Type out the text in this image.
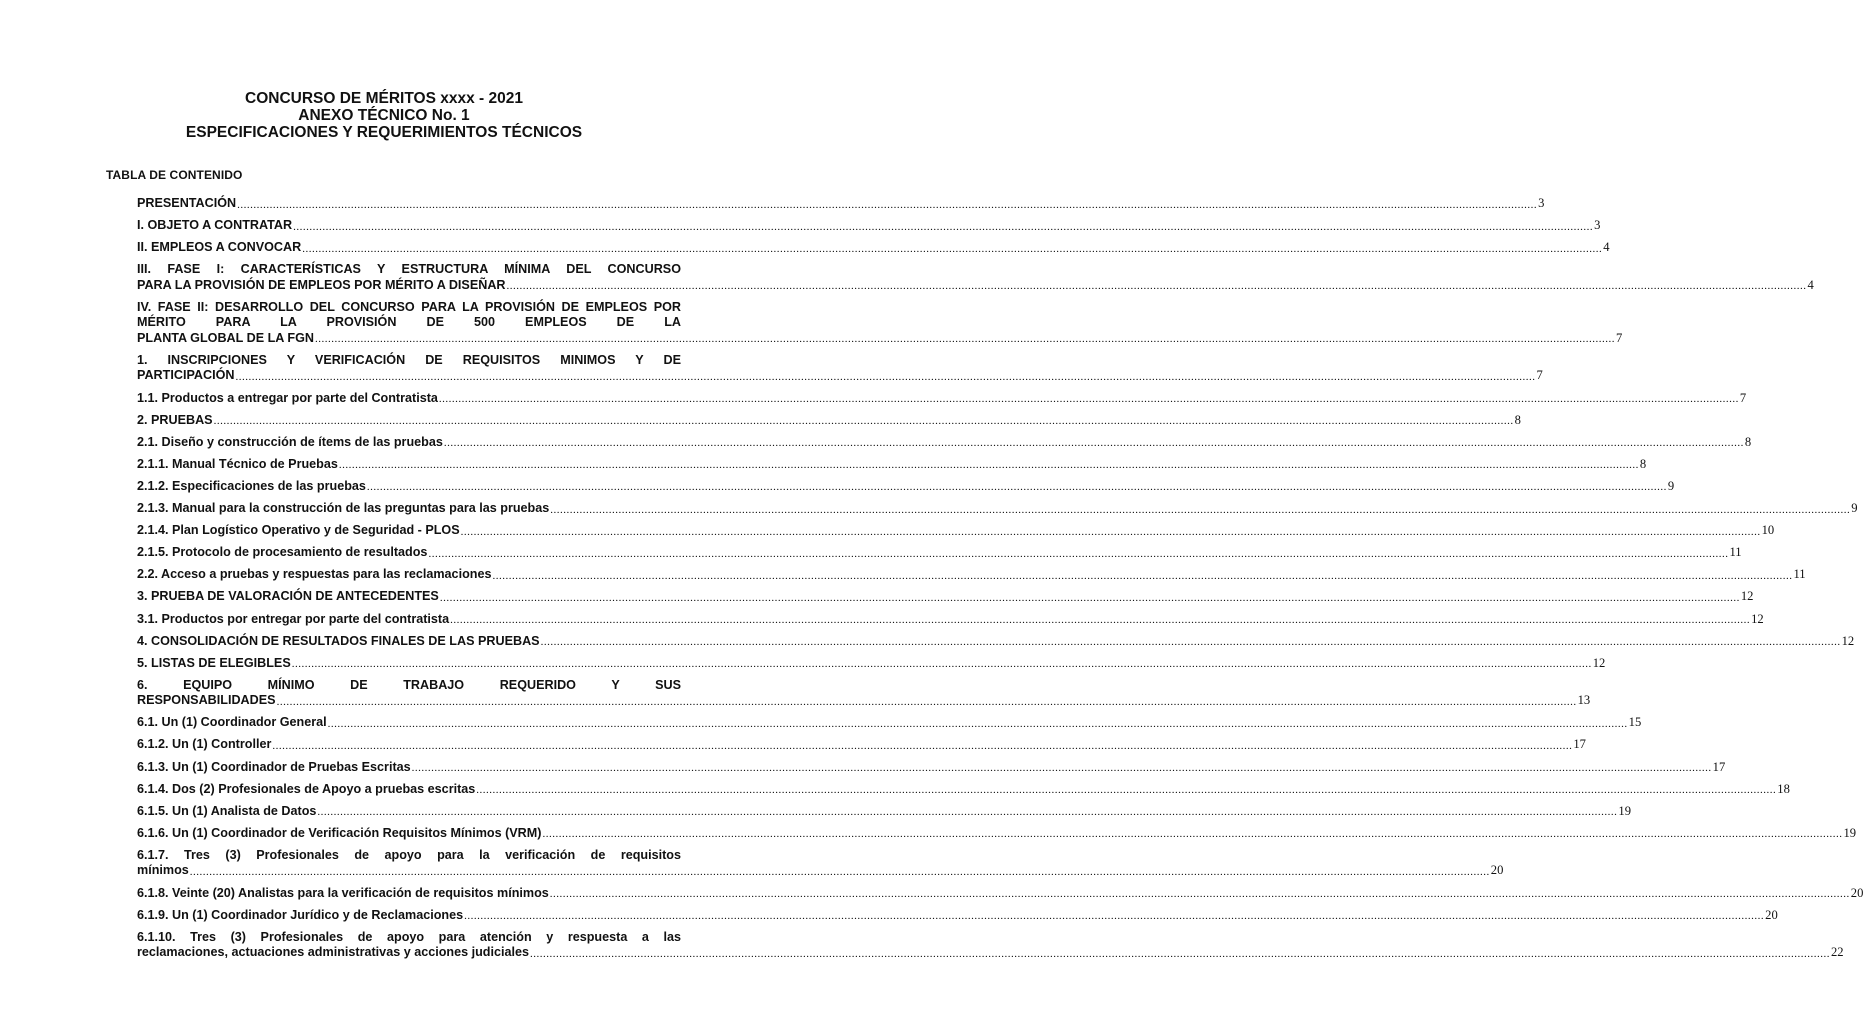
CONCURSO DE MÉRITOS xxxx - 2021
ANEXO TÉCNICO No. 1
ESPECIFICACIONES Y REQUERIMIENTOS TÉCNICOS
TABLA DE CONTENIDO
PRESENTACIÓN ................................................................................................................................................................................................................................................................................................................................................................................................................ 3
I. OBJETO A CONTRATAR ................................................................................................................................................................................................................................................................................................................................................................................................................ 3
II. EMPLEOS A CONVOCAR ................................................................................................................................................................................................................................................................................................................................................................................................................ 4
III. FASE I: CARACTERÍSTICAS Y ESTRUCTURA MÍNIMA DEL CONCURSO
PARA LA PROVISIÓN DE EMPLEOS POR MÉRITO A DISEÑAR ................................................................................................................................................................................................................................................................................................................................................................................................................ 4
IV. FASE II: DESARROLLO DEL CONCURSO PARA LA PROVISIÓN DE EMPLEOS POR MÉRITO PARA LA PROVISIÓN DE 500 EMPLEOS DE LA
PLANTA GLOBAL DE LA FGN ................................................................................................................................................................................................................................................................................................................................................................................................................ 7
1. INSCRIPCIONES Y VERIFICACIÓN DE REQUISITOS MINIMOS Y DE
PARTICIPACIÓN ................................................................................................................................................................................................................................................................................................................................................................................................................ 7
1.1. Productos a entregar por parte del Contratista ................................................................................................................................................................................................................................................................................................................................................................................................................ 7
2. PRUEBAS ................................................................................................................................................................................................................................................................................................................................................................................................................ 8
2.1. Diseño y construcción de ítems de las pruebas ................................................................................................................................................................................................................................................................................................................................................................................................................ 8
2.1.1. Manual Técnico de Pruebas ................................................................................................................................................................................................................................................................................................................................................................................................................ 8
2.1.2. Especificaciones de las pruebas ................................................................................................................................................................................................................................................................................................................................................................................................................ 9
2.1.3. Manual para la construcción de las preguntas para las pruebas ................................................................................................................................................................................................................................................................................................................................................................................................................ 9
2.1.4. Plan Logístico Operativo y de Seguridad - PLOS ................................................................................................................................................................................................................................................................................................................................................................................................................ 10
2.1.5. Protocolo de procesamiento de resultados ................................................................................................................................................................................................................................................................................................................................................................................................................ 11
2.2. Acceso a pruebas y respuestas para las reclamaciones ................................................................................................................................................................................................................................................................................................................................................................................................................ 11
3. PRUEBA DE VALORACIÓN DE ANTECEDENTES ................................................................................................................................................................................................................................................................................................................................................................................................................ 12
3.1. Productos por entregar por parte del contratista ................................................................................................................................................................................................................................................................................................................................................................................................................ 12
4. CONSOLIDACIÓN DE RESULTADOS FINALES DE LAS PRUEBAS ................................................................................................................................................................................................................................................................................................................................................................................................................ 12
5. LISTAS DE ELEGIBLES ................................................................................................................................................................................................................................................................................................................................................................................................................ 12
6. EQUIPO MÍNIMO DE TRABAJO REQUERIDO Y SUS
RESPONSABILIDADES ................................................................................................................................................................................................................................................................................................................................................................................................................ 13
6.1. Un (1) Coordinador General ................................................................................................................................................................................................................................................................................................................................................................................................................ 15
6.1.2. Un (1) Controller ................................................................................................................................................................................................................................................................................................................................................................................................................ 17
6.1.3. Un (1) Coordinador de Pruebas Escritas ................................................................................................................................................................................................................................................................................................................................................................................................................ 17
6.1.4. Dos (2) Profesionales de Apoyo a pruebas escritas ................................................................................................................................................................................................................................................................................................................................................................................................................ 18
6.1.5. Un (1) Analista de Datos ................................................................................................................................................................................................................................................................................................................................................................................................................ 19
6.1.6. Un (1) Coordinador de Verificación Requisitos Mínimos (VRM) ................................................................................................................................................................................................................................................................................................................................................................................................................ 19
6.1.7. Tres (3) Profesionales de apoyo para la verificación de requisitos
mínimos ................................................................................................................................................................................................................................................................................................................................................................................................................ 20
6.1.8. Veinte (20) Analistas para la verificación de requisitos mínimos ................................................................................................................................................................................................................................................................................................................................................................................................................ 20
6.1.9. Un (1) Coordinador Jurídico y de Reclamaciones ................................................................................................................................................................................................................................................................................................................................................................................................................ 20
6.1.10. Tres (3) Profesionales de apoyo para atención y respuesta a las
reclamaciones, actuaciones administrativas y acciones judiciales ................................................................................................................................................................................................................................................................................................................................................................................................................ 22
